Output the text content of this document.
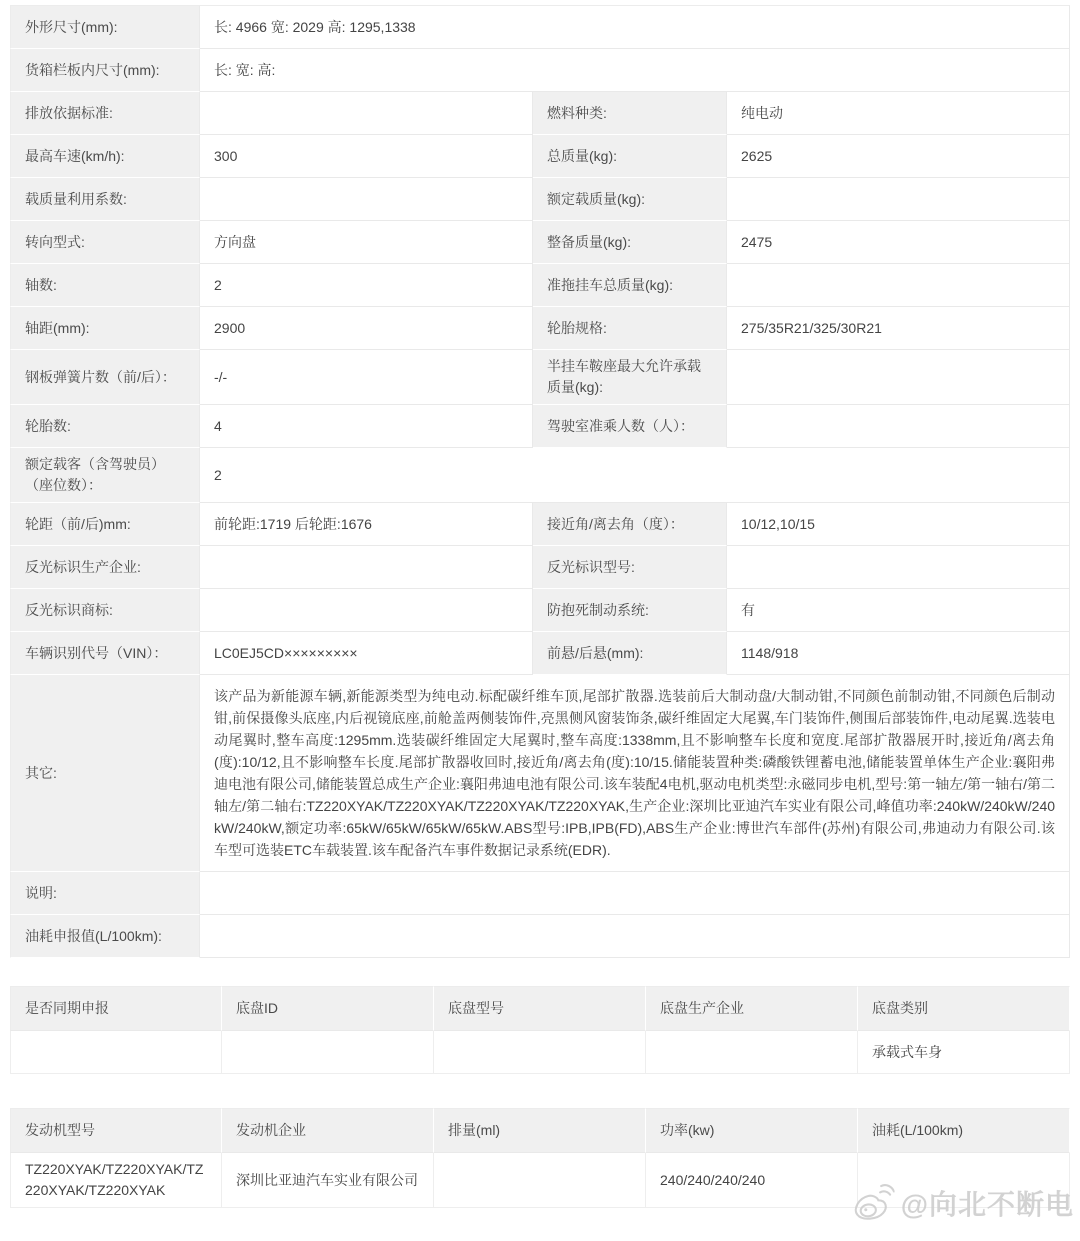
外形尺寸(mm):	长: 4966 宽: 2029 高: 1295,1338		
货箱栏板内尺寸(mm):	长: 宽: 高:		
排放依据标准:		燃料种类:	纯电动
最高车速(km/h):	300	总质量(kg):	2625
载质量利用系数:		额定载质量(kg):	
转向型式:	方向盘	整备质量(kg):	2475
轴数:	2	准拖挂车总质量(kg):	
轴距(mm):	2900	轮胎规格:	275/35R21/325/30R21
钢板弹簧片数（前/后）：	-/-	半挂车鞍座最大允许承载质量(kg):	
轮胎数:	4	驾驶室准乘人数（人）：	
额定载客（含驾驶员）（座位数）：	2		
轮距（前/后)mm:	前轮距:1719 后轮距:1676	接近角/离去角（度）：	10/12,10/15
反光标识生产企业:		反光标识型号:	
反光标识商标:		防抱死制动系统:	有
车辆识别代号（VIN）：	LC0EJ5CD×××××××××	前悬/后悬(mm):	1148/918
其它:	该产品为新能源车辆,新能源类型为纯电动.标配碳纤维车顶,尾部扩散器.选装前后大制动盘/大制动钳,不同颜色前制动钳,不同颜色后制动钳,前保摄像头底座,内后视镜底座,前舱盖两侧装饰件,亮黑侧风窗装饰条,碳纤维固定大尾翼,车门装饰件,侧围后部装饰件,电动尾翼.选装电动尾翼时,整车高度:1295mm.选装碳纤维固定大尾翼时,整车高度:1338mm,且不影响整车长度和宽度.尾部扩散器展开时,接近角/离去角(度):10/12,且不影响整车长度.尾部扩散器收回时,接近角/离去角(度):10/15.储能装置种类:磷酸铁锂蓄电池,储能装置单体生产企业:襄阳弗迪电池有限公司,储能装置总成生产企业:襄阳弗迪电池有限公司.该车装配4电机,驱动电机类型:永磁同步电机,型号:第一轴左/第一轴右/第二轴左/第二轴右:TZ220XYAK/TZ220XYAK/TZ220XYAK/TZ220XYAK,生产企业:深圳比亚迪汽车实业有限公司,峰值功率:240kW/240kW/240kW/240kW,额定功率:65kW/65kW/65kW/65kW.ABS型号:IPB,IPB(FD),ABS生产企业:博世汽车部件(苏州)有限公司,弗迪动力有限公司.该车型可选装ETC车载装置.该车配备汽车事件数据记录系统(EDR).		
说明:			
油耗申报值(L/100km):			
是否同期申报	底盘ID	底盘型号	底盘生产企业	底盘类别
				承载式车身
发动机型号	发动机企业	排量(ml)	功率(kw)	油耗(L/100km)
TZ220XYAK/TZ220XYAK/TZ220XYAK/TZ220XYAK	深圳比亚迪汽车实业有限公司		240/240/240/240	
@向北不断电
